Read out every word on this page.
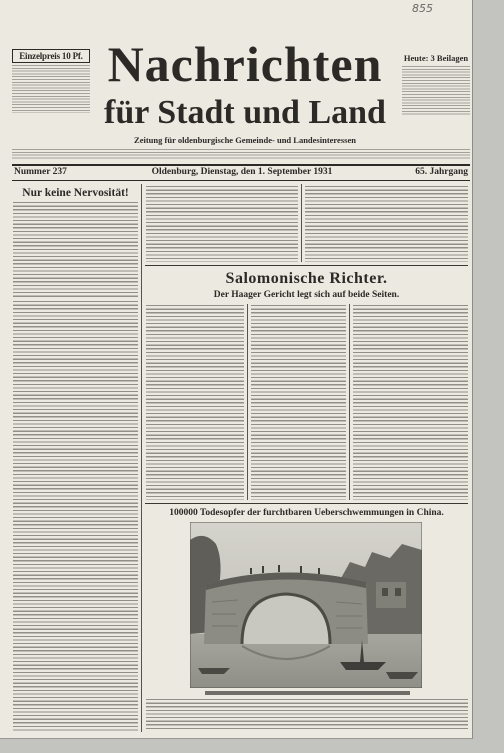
855
Einzelpreis 10 Pf. Nachrichten
für Stadt und Land
Zeitung für oldenburgische Gemeinde- und Landesinteressen
Heute: 3 Beilagen
Nummer 237	Oldenburg, Dienstag, den 1. September 1931	65. Jahrgang
Nur keine Nervosität!
Salomonische Richter.
Der Haager Gericht legt sich auf beide Seiten.
100000 Todesopfer der furchtbaren Ueberschwemmungen in China.
